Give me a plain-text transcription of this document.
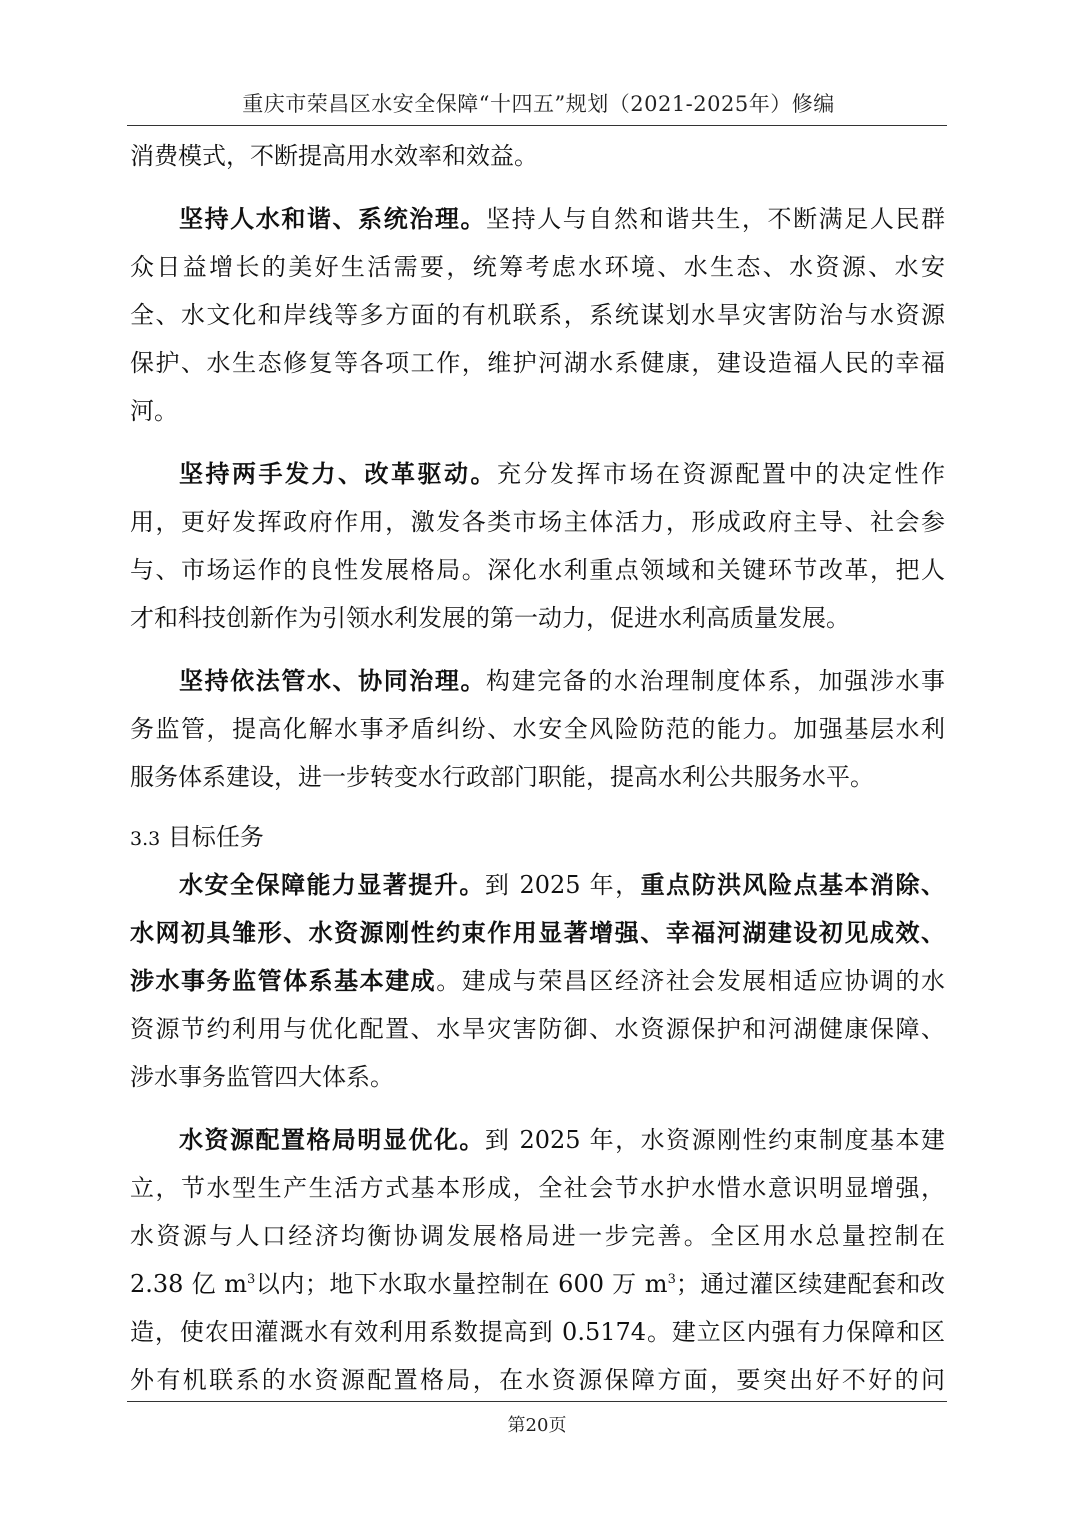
重庆市荣昌区水安全保障“十四五”规划（2021-2025年）修编
消费模式，不断提高用水效率和效益。
坚持人水和谐、系统治理。坚持人与自然和谐共生，不断满足人民群
众日益增长的美好生活需要，统筹考虑水环境、水生态、水资源、水安
全、水文化和岸线等多方面的有机联系，系统谋划水旱灾害防治与水资源
保护、水生态修复等各项工作，维护河湖水系健康，建设造福人民的幸福
河。
坚持两手发力、改革驱动。充分发挥市场在资源配置中的决定性作
用，更好发挥政府作用，激发各类市场主体活力，形成政府主导、社会参
与、市场运作的良性发展格局。深化水利重点领域和关键环节改革，把人
才和科技创新作为引领水利发展的第一动力，促进水利高质量发展。
坚持依法管水、协同治理。构建完备的水治理制度体系，加强涉水事
务监管，提高化解水事矛盾纠纷、水安全风险防范的能力。加强基层水利
服务体系建设，进一步转变水行政部门职能，提高水利公共服务水平。
3.3 目标任务
水安全保障能力显著提升。到 2025 年，重点防洪风险点基本消除、
水网初具雏形、水资源刚性约束作用显著增强、幸福河湖建设初见成效、
涉水事务监管体系基本建成。建成与荣昌区经济社会发展相适应协调的水
资源节约利用与优化配置、水旱灾害防御、水资源保护和河湖健康保障、
涉水事务监管四大体系。
水资源配置格局明显优化。到 2025 年，水资源刚性约束制度基本建
立，节水型生产生活方式基本形成，全社会节水护水惜水意识明显增强，
水资源与人口经济均衡协调发展格局进一步完善。全区用水总量控制在
2.38 亿 $m^3$以内；地下水取水量控制在 600 万 $m^3$；通过灌区续建配套和改
造，使农田灌溉水有效利用系数提高到 0.5174。建立区内强有力保障和区
外有机联系的水资源配置格局，在水资源保障方面，要突出好不好的问
第20页
